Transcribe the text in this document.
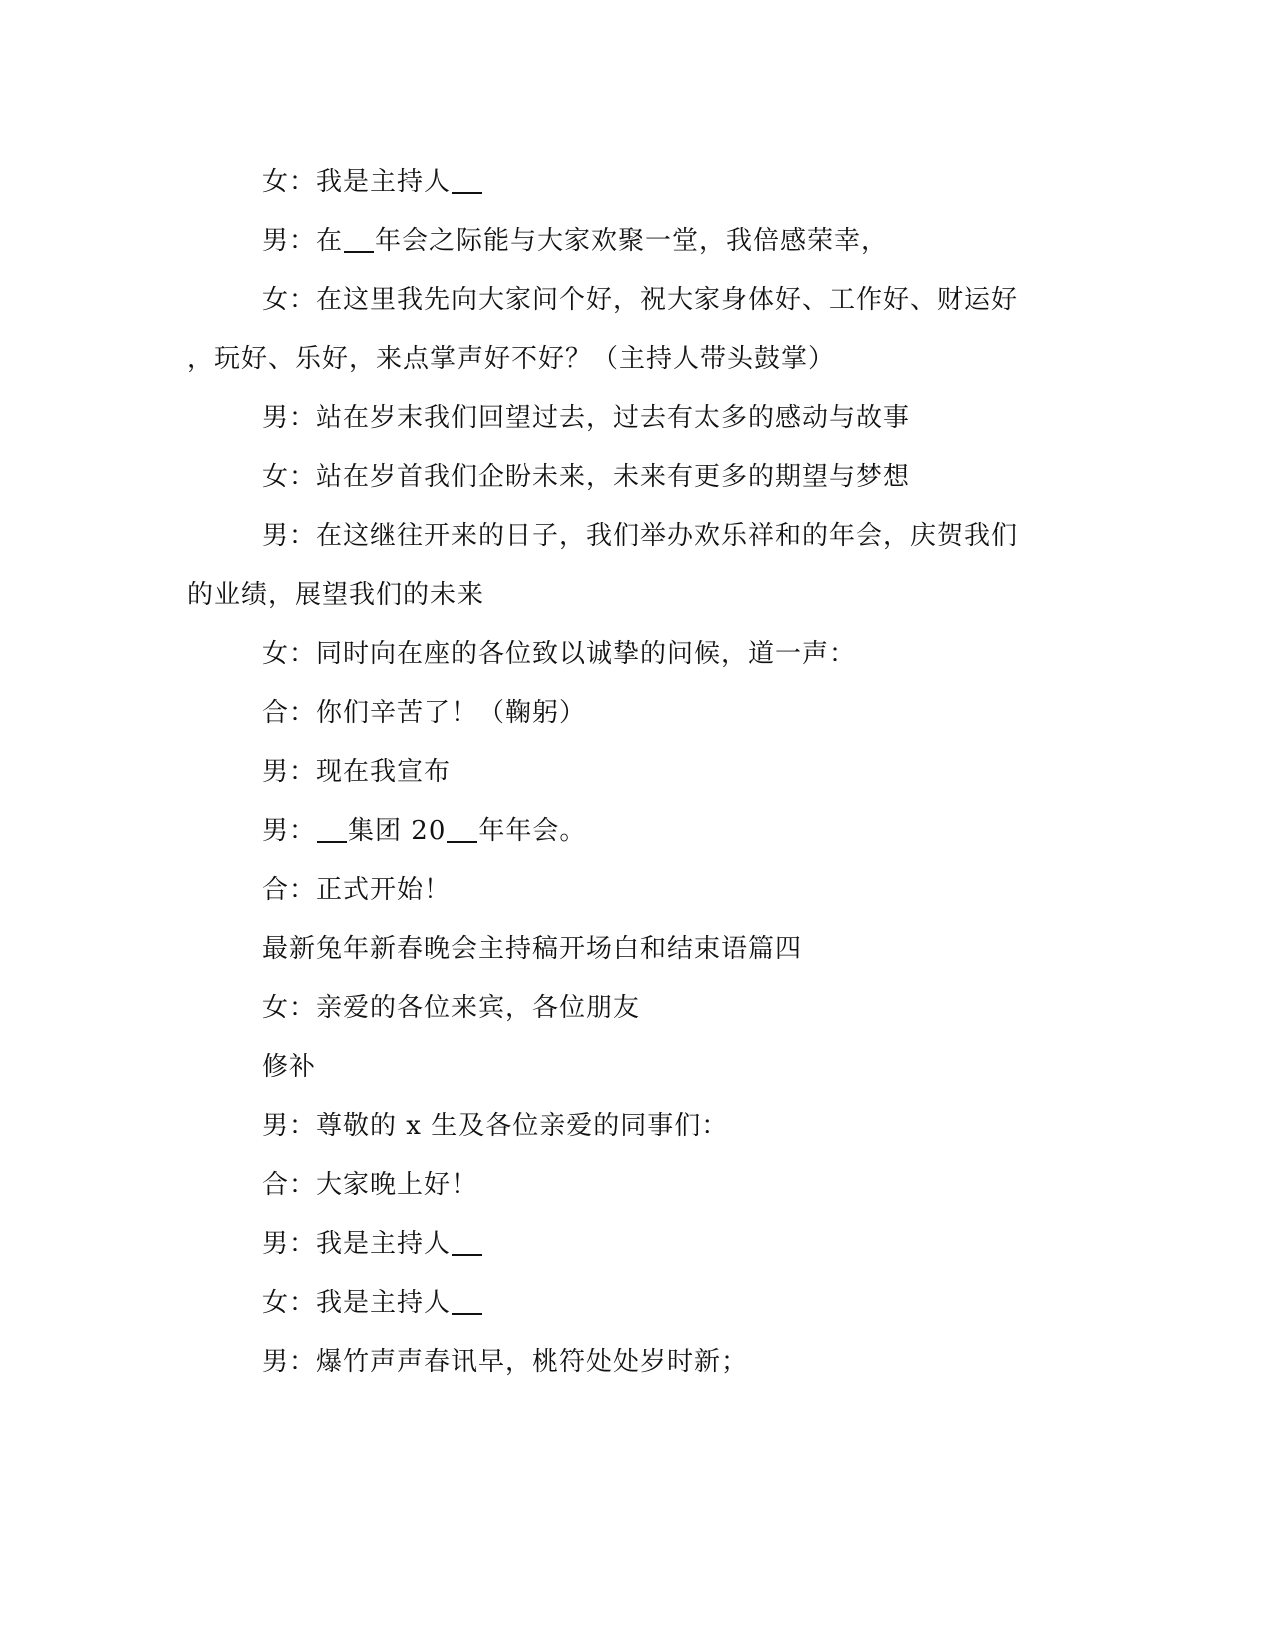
女：我是主持人
男：在 年会之际能与大家欢聚一堂，我倍感荣幸，
女：在这里我先向大家问个好，祝大家身体好、工作好、财运好
，玩好、乐好，来点掌声好不好？（主持人带头鼓掌）
男：站在岁末我们回望过去，过去有太多的感动与故事
女：站在岁首我们企盼未来，未来有更多的期望与梦想
男：在这继往开来的日子，我们举办欢乐祥和的年会，庆贺我们
的业绩，展望我们的未来
女：同时向在座的各位致以诚挚的问候，道一声：
合：你们辛苦了！（鞠躬）
男：现在我宣布
男： 集团 20 年年会。
合：正式开始！
最新兔年新春晚会主持稿开场白和结束语篇四
女：亲爱的各位来宾，各位朋友
修补
男：尊敬的 x 生及各位亲爱的同事们：
合：大家晚上好！
男：我是主持人
女：我是主持人
男：爆竹声声春讯早，桃符处处岁时新；
